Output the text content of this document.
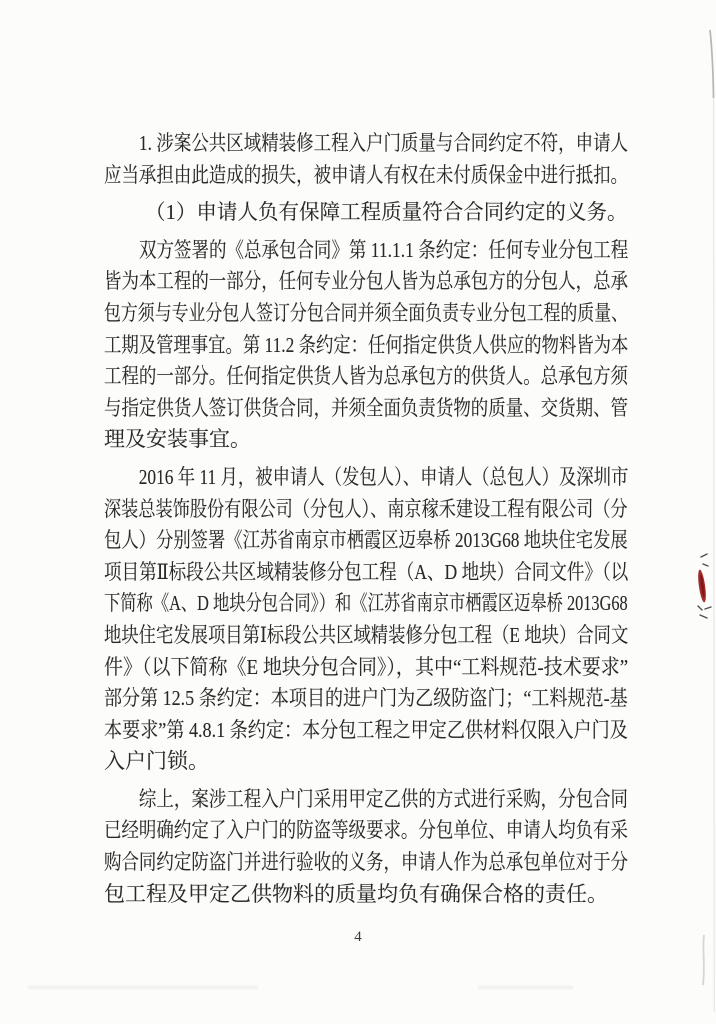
1. 涉案公共区域精装修工程入户门质量与合同约定不符，申请人
应当承担由此造成的损失，被申请人有权在未付质保金中进行抵扣。
（1）申请人负有保障工程质量符合合同约定的义务。
双方签署的《总承包合同》第 11.1.1 条约定：任何专业分包工程
皆为本工程的一部分，任何专业分包人皆为总承包方的分包人，总承
包方须与专业分包人签订分包合同并须全面负责专业分包工程的质量、
工期及管理事宜。第 11.2 条约定：任何指定供货人供应的物料皆为本
工程的一部分。任何指定供货人皆为总承包方的供货人。总承包方须
与指定供货人签订供货合同，并须全面负责货物的质量、交货期、管
理及安装事宜。
2016 年 11 月，被申请人（发包人）、申请人（总包人）及深圳市
深装总装饰股份有限公司（分包人）、南京稼禾建设工程有限公司（分
包人）分别签署《江苏省南京市栖霞区迈皋桥 2013G68 地块住宅发展
项目第Ⅱ标段公共区域精装修分包工程（A、D 地块）合同文件》（以
下简称《A、D 地块分包合同》）和《江苏省南京市栖霞区迈皋桥 2013G68
地块住宅发展项目第Ⅰ标段公共区域精装修分包工程（E 地块）合同文
件》（以下简称《E 地块分包合同》），其中“工料规范-技术要求”
部分第 12.5 条约定：本项目的进户门为乙级防盗门；“工料规范-基
本要求”第 4.8.1 条约定：本分包工程之甲定乙供材料仅限入户门及
入户门锁。
综上，案涉工程入户门采用甲定乙供的方式进行采购，分包合同
已经明确约定了入户门的防盗等级要求。分包单位、申请人均负有采
购合同约定防盗门并进行验收的义务，申请人作为总承包单位对于分
包工程及甲定乙供物料的质量均负有确保合格的责任。
4
